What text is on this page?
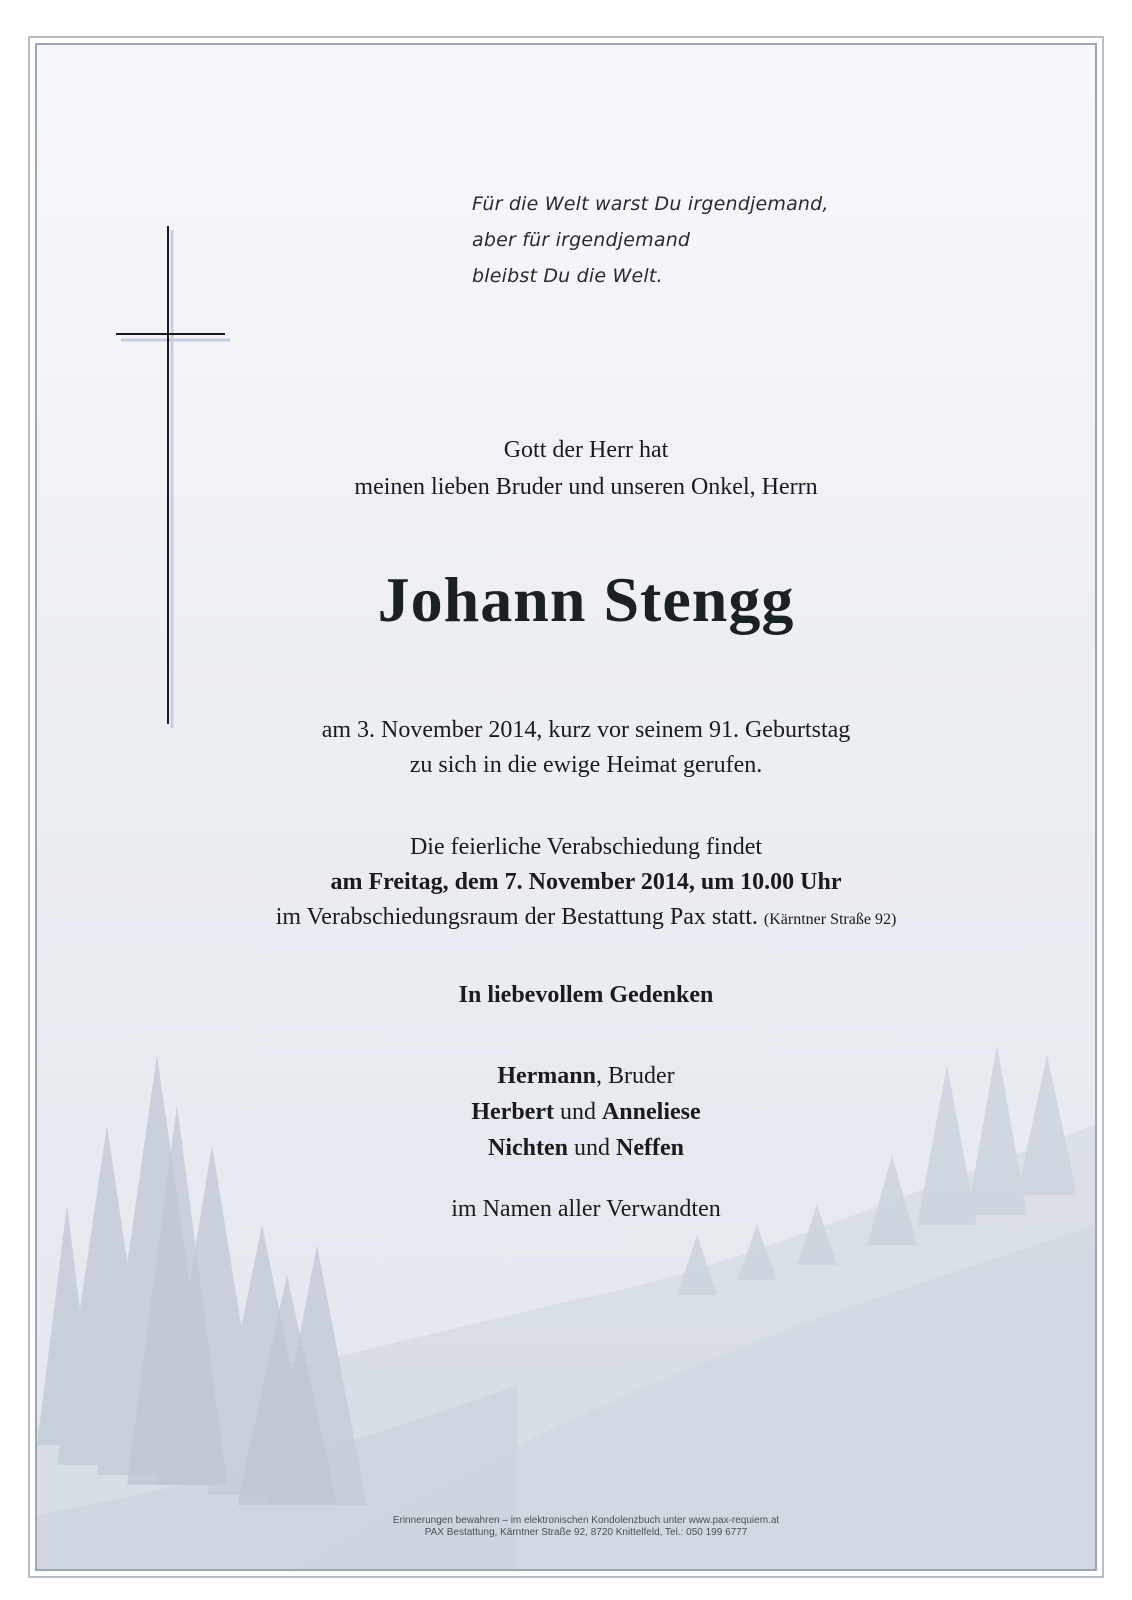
Für die Welt warst Du irgendjemand,
aber für irgendjemand
bleibst Du die Welt.
Gott der Herr hat
meinen lieben Bruder und unseren Onkel, Herrn
Johann Stengg
am 3. November 2014, kurz vor seinem 91. Geburtstag
zu sich in die ewige Heimat gerufen.
Die feierliche Verabschiedung findet
am Freitag, dem 7. November 2014, um 10.00 Uhr
im Verabschiedungsraum der Bestattung Pax statt. (Kärntner Straße 92)
In liebevollem Gedenken
Hermann, Bruder
Herbert und Anneliese
Nichten und Neffen
im Namen aller Verwandten
Erinnerungen bewahren – im elektronischen Kondolenzbuch unter www.pax-requiem.at
PAX Bestattung, Kärntner Straße 92, 8720 Knittelfeld, Tel.: 050 199 6777
